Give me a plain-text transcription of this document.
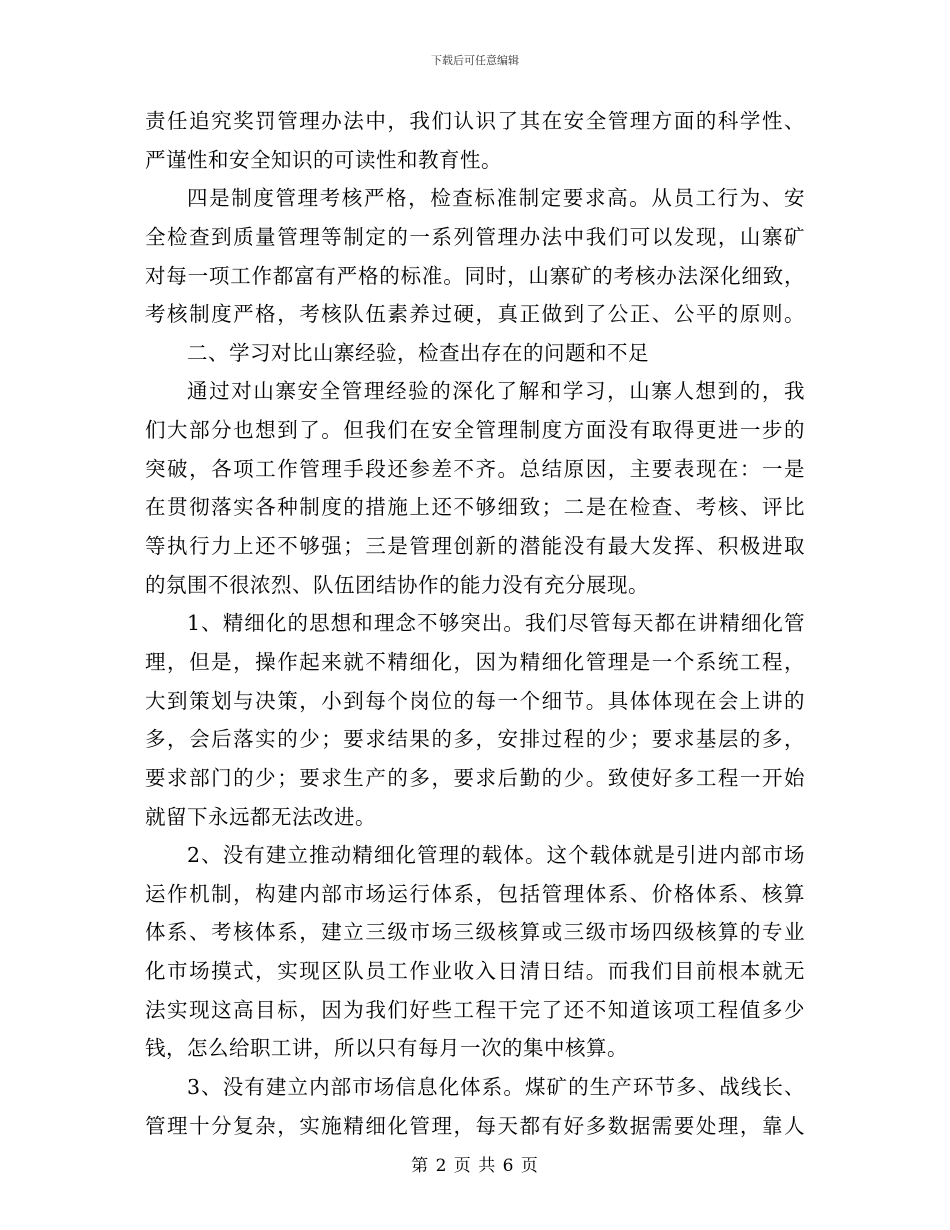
下载后可任意编辑
责任追究奖罚管理办法中，我们认识了其在安全管理方面的科学性、
严谨性和安全知识的可读性和教育性。
四是制度管理考核严格，检查标准制定要求高。从员工行为、安
全检查到质量管理等制定的一系列管理办法中我们可以发现，山寨矿
对每一项工作都富有严格的标准。同时，山寨矿的考核办法深化细致，
考核制度严格，考核队伍素养过硬，真正做到了公正、公平的原则。
二、学习对比山寨经验，检查出存在的问题和不足
通过对山寨安全管理经验的深化了解和学习，山寨人想到的，我
们大部分也想到了。但我们在安全管理制度方面没有取得更进一步的
突破，各项工作管理手段还参差不齐。总结原因，主要表现在：一是
在贯彻落实各种制度的措施上还不够细致；二是在检查、考核、评比
等执行力上还不够强；三是管理创新的潜能没有最大发挥、积极进取
的氛围不很浓烈、队伍团结协作的能力没有充分展现。
1、精细化的思想和理念不够突出。我们尽管每天都在讲精细化管
理，但是，操作起来就不精细化，因为精细化管理是一个系统工程，
大到策划与决策，小到每个岗位的每一个细节。具体体现在会上讲的
多，会后落实的少；要求结果的多，安排过程的少；要求基层的多，
要求部门的少；要求生产的多，要求后勤的少。致使好多工程一开始
就留下永远都无法改进。
2、没有建立推动精细化管理的载体。这个载体就是引进内部市场
运作机制，构建内部市场运行体系，包括管理体系、价格体系、核算
体系、考核体系，建立三级市场三级核算或三级市场四级核算的专业
化市场摸式，实现区队员工作业收入日清日结。而我们目前根本就无
法实现这高目标，因为我们好些工程干完了还不知道该项工程值多少
钱，怎么给职工讲，所以只有每月一次的集中核算。
3、没有建立内部市场信息化体系。煤矿的生产环节多、战线长、
管理十分复杂，实施精细化管理，每天都有好多数据需要处理，靠人
第 2 页 共 6 页
